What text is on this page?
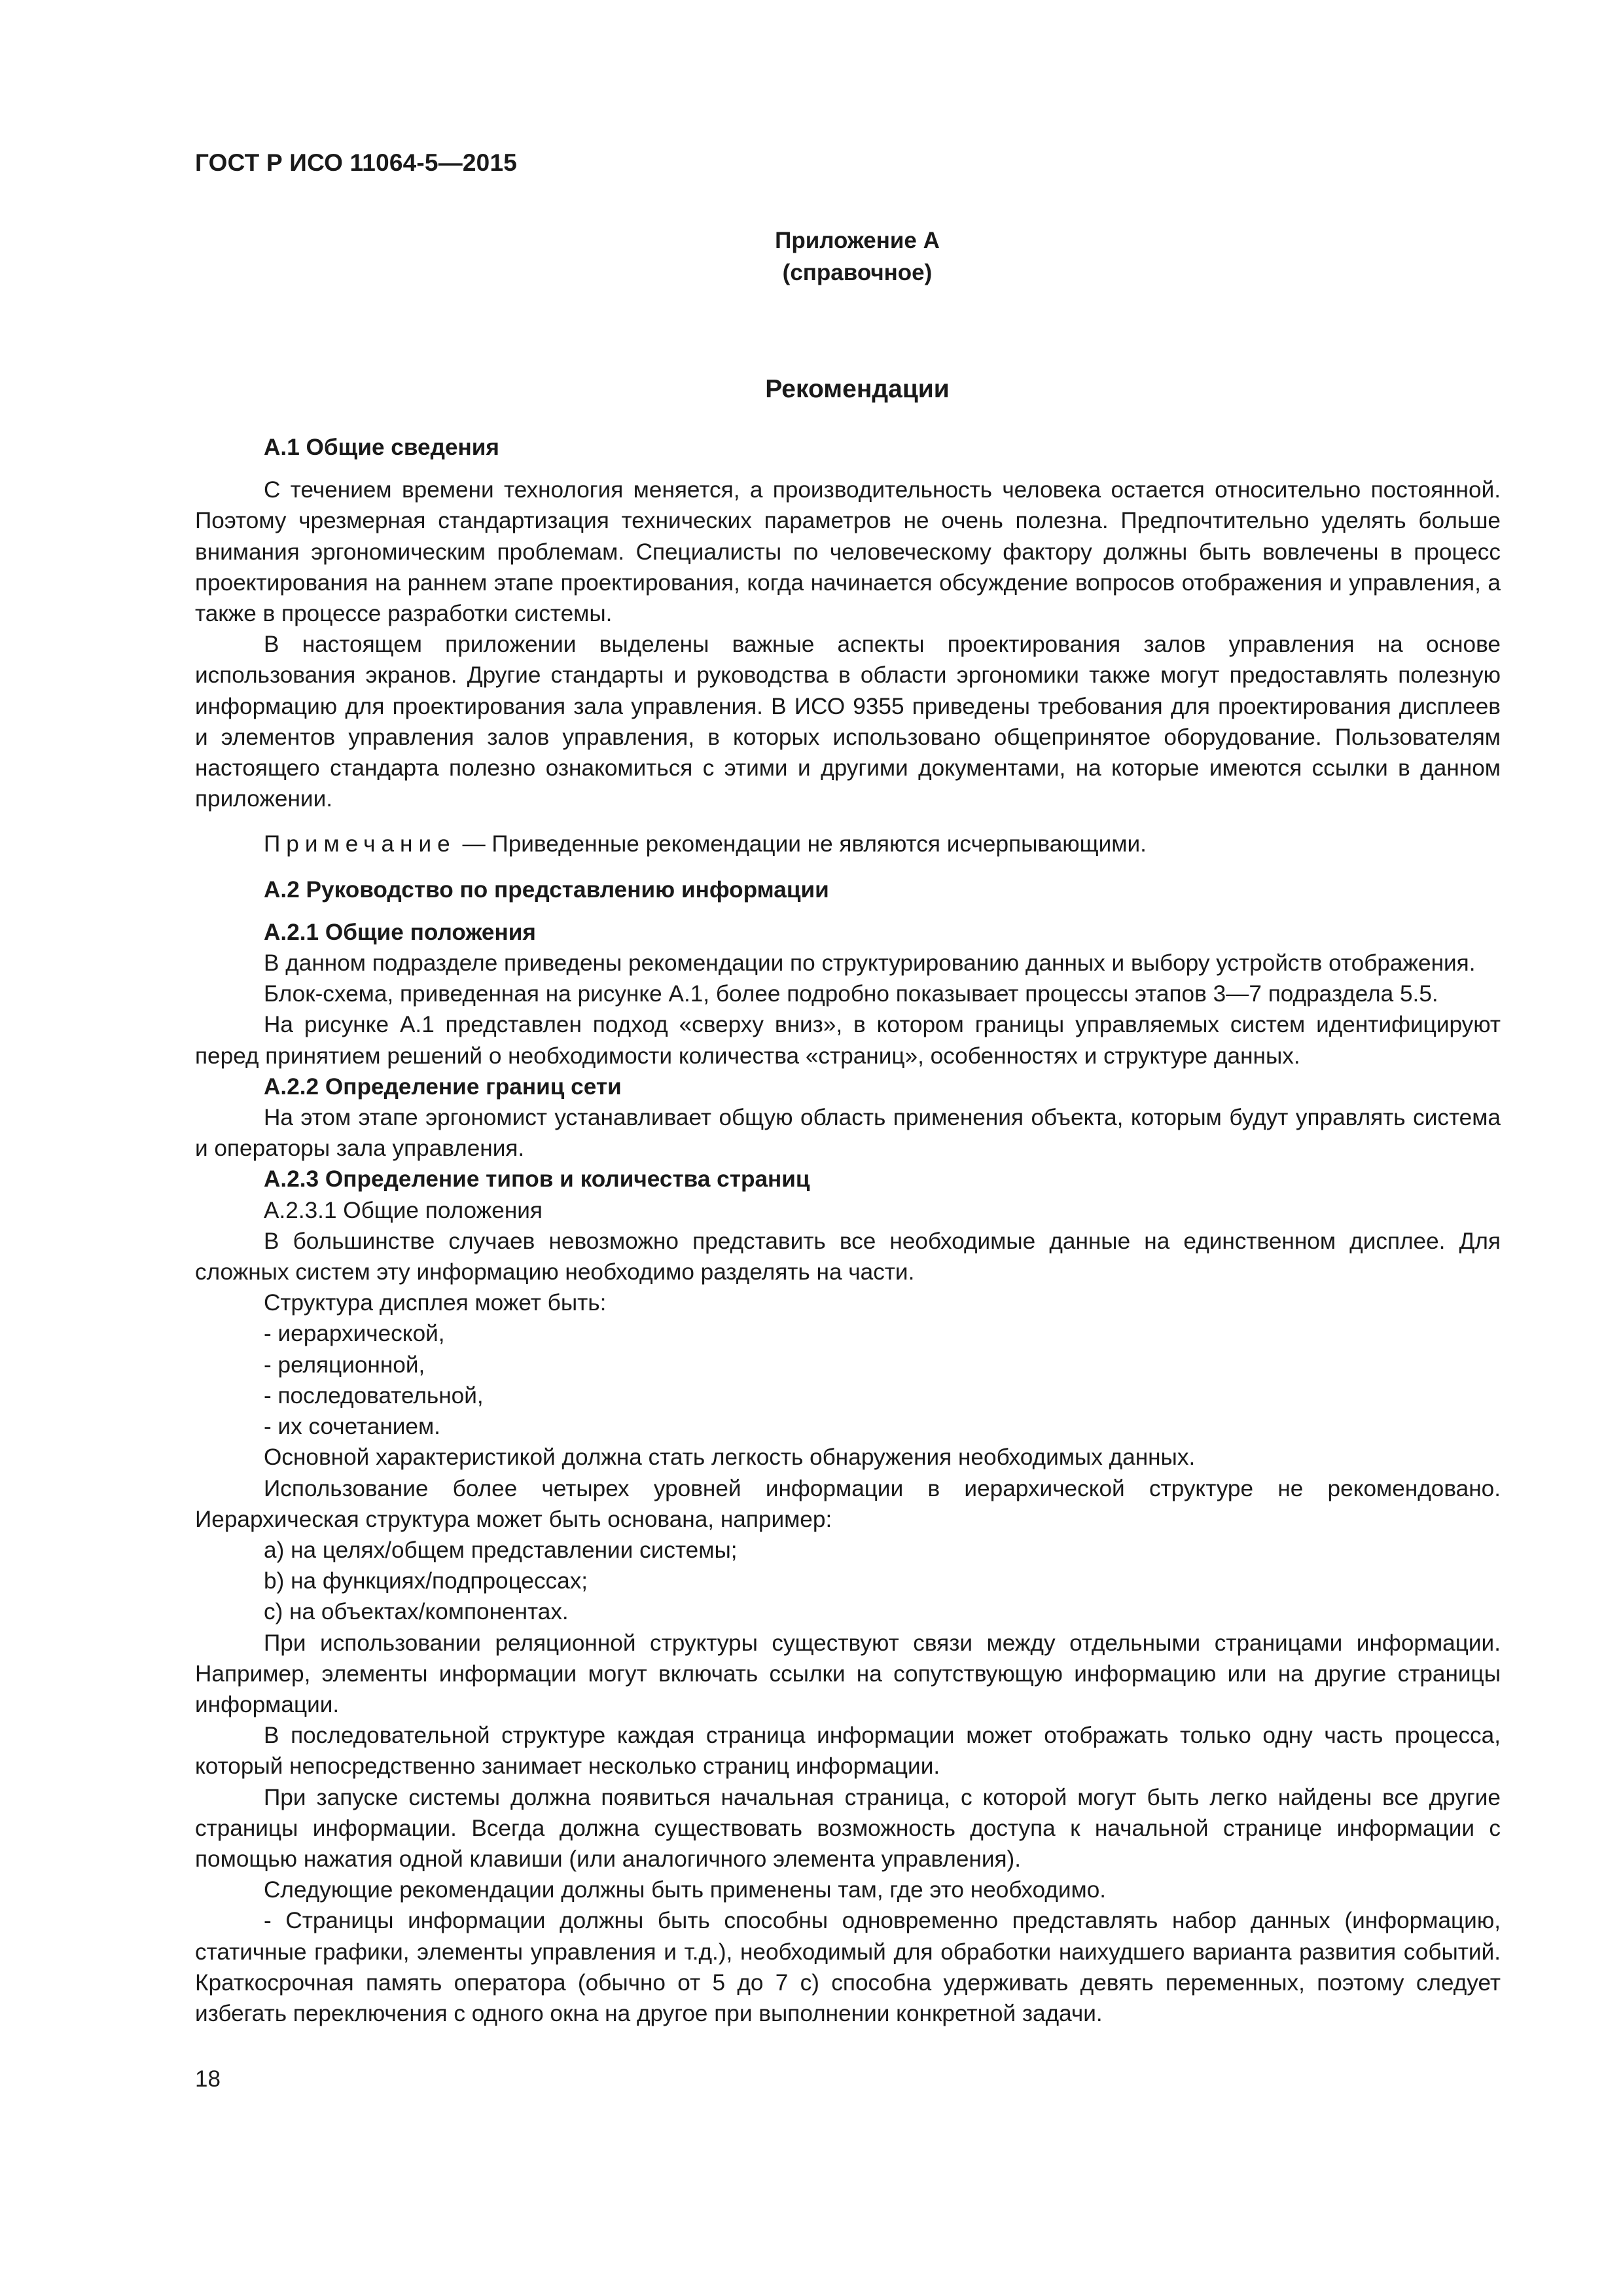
ГОСТ Р ИСО 11064-5—2015
Приложение А
(справочное)
Рекомендации
А.1 Общие сведения

С течением времени технология меняется, а производительность человека остается относительно постоянной. Поэтому чрезмерная стандартизация технических параметров не очень полезна. Предпочтительно уделять больше внимания эргономическим проблемам. Специалисты по человеческому фактору должны быть вовлечены в процесс проектирования на раннем этапе проектирования, когда начинается обсуждение вопросов отображения и управления, а также в процессе разработки системы.

В настоящем приложении выделены важные аспекты проектирования залов управления на основе использования экранов. Другие стандарты и руководства в области эргономики также могут предоставлять полезную информацию для проектирования зала управления. В ИСО 9355 приведены требования для проектирования дисплеев и элементов управления залов управления, в которых использовано общепринятое оборудование. Пользователям настоящего стандарта полезно ознакомиться с этими и другими документами, на которые имеются ссылки в данном приложении.

Примечание — Приведенные рекомендации не являются исчерпывающими.

А.2 Руководство по представлению информации
А.2.1 Общие положения

В данном подразделе приведены рекомендации по структурированию данных и выбору устройств отображения.

Блок-схема, приведенная на рисунке А.1, более подробно показывает процессы этапов 3—7 подраздела 5.5.

На рисунке А.1 представлен подход «сверху вниз», в котором границы управляемых систем идентифицируют перед принятием решений о необходимости количества «страниц», особенностях и структуре данных.

А.2.2 Определение границ сети

На этом этапе эргономист устанавливает общую область применения объекта, которым будут управлять система и операторы зала управления.

А.2.3 Определение типов и количества страниц
А.2.3.1 Общие положения

В большинстве случаев невозможно представить все необходимые данные на единственном дисплее. Для сложных систем эту информацию необходимо разделять на части.

Структура дисплея может быть:

- иерархической,
- реляционной,
- последовательной,
- их сочетанием.

Основной характеристикой должна стать легкость обнаружения необходимых данных.

Использование более четырех уровней информации в иерархической структуре не рекомендовано. Иерархическая структура может быть основана, например:

a) на целях/общем представлении системы;
b) на функциях/подпроцессах;
c) на объектах/компонентах.

При использовании реляционной структуры существуют связи между отдельными страницами информации. Например, элементы информации могут включать ссылки на сопутствующую информацию или на другие страницы информации.

В последовательной структуре каждая страница информации может отображать только одну часть процесса, который непосредственно занимает несколько страниц информации.

При запуске системы должна появиться начальная страница, с которой могут быть легко найдены все другие страницы информации. Всегда должна существовать возможность доступа к начальной странице информации с помощью нажатия одной клавиши (или аналогичного элемента управления).

Следующие рекомендации должны быть применены там, где это необходимо.

- Страницы информации должны быть способны одновременно представлять набор данных (информацию, статичные графики, элементы управления и т.д.), необходимый для обработки наихудшего варианта развития событий. Краткосрочная память оператора (обычно от 5 до 7 с) способна удерживать девять переменных, поэтому следует избегать переключения с одного окна на другое при выполнении конкретной задачи.

18
